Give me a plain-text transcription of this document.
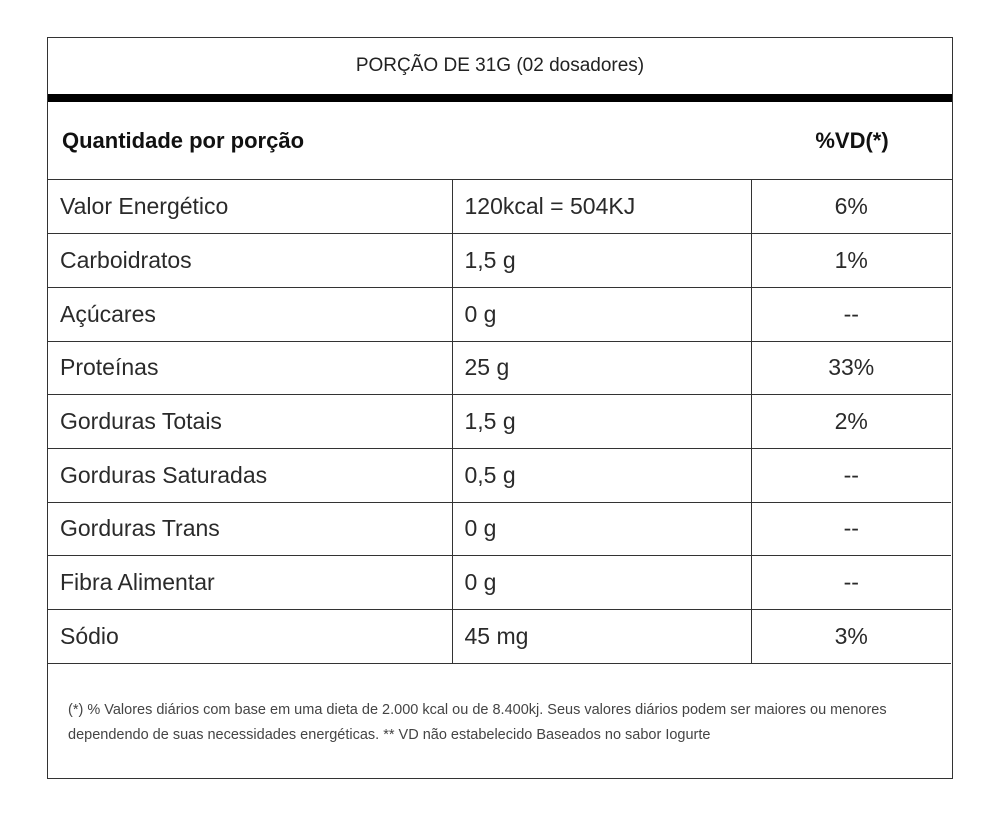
PORÇÃO DE 31G (02 dosadores)
Quantidade por porção	%VD(*)
Valor Energético	120kcal = 504KJ	6%
Carboidratos	1,5 g	1%
Açúcares	0 g	--
Proteínas	25 g	33%
Gorduras Totais	1,5 g	2%
Gorduras Saturadas	0,5 g	--
Gorduras Trans	0 g	--
Fibra Alimentar	0 g	--
Sódio	45 mg	3%
(*) % Valores diários com base em uma dieta de 2.000 kcal ou de 8.400kj. Seus valores diários podem ser maiores ou menores dependendo de suas necessidades energéticas. ** VD não estabelecido Baseados no sabor Iogurte
